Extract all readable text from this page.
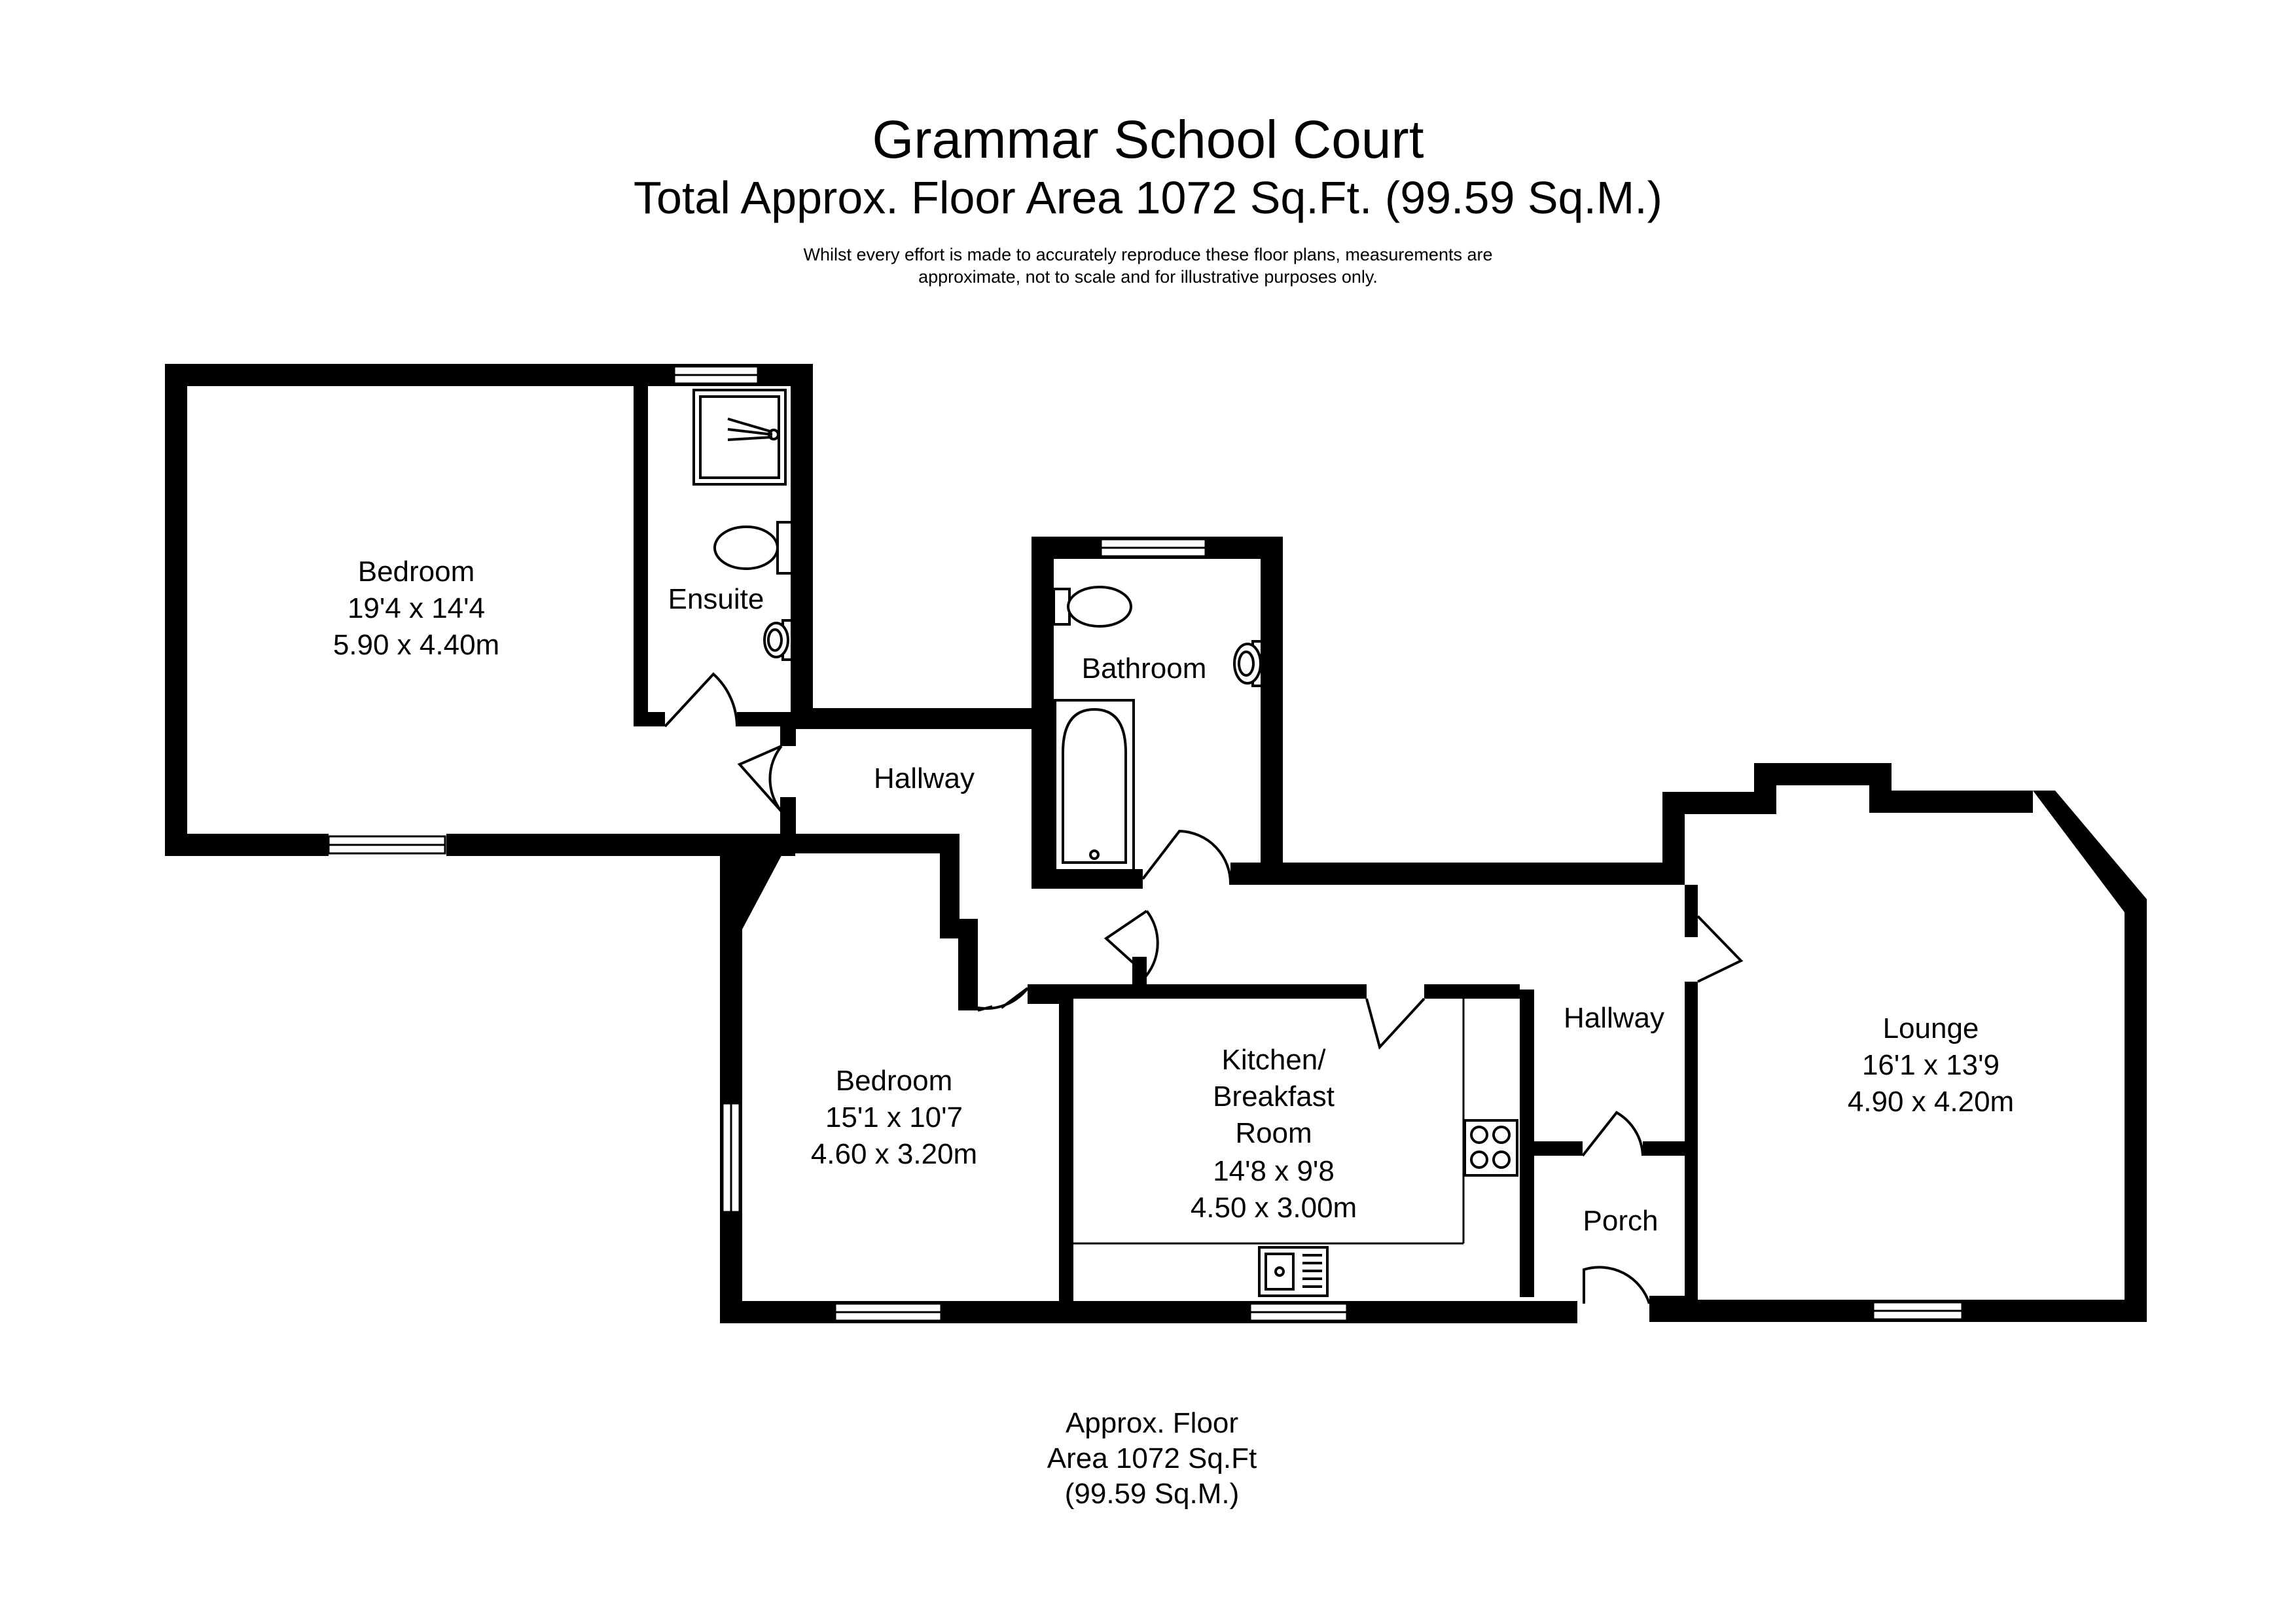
Grammar School Court
Total Approx. Floor Area 1072 Sq.Ft. (99.59 Sq.M.)
Whilst every effort is made to accurately reproduce these floor plans, measurements are
approximate, not to scale and for illustrative purposes only.
Bedroom
19'4 x 14'4
5.90 x 4.40m
Ensuite
Bathroom
Hallway
Hallway
Bedroom
15'1 x 10'7
4.60 x 3.20m
Kitchen/
Breakfast
Room
14'8 x 9'8
4.50 x 3.00m	Porch
Lounge
16'1 x 13'9
4.90 x 4.20m
Approx. Floor
Area 1072 Sq.Ft
(99.59 Sq.M.)
